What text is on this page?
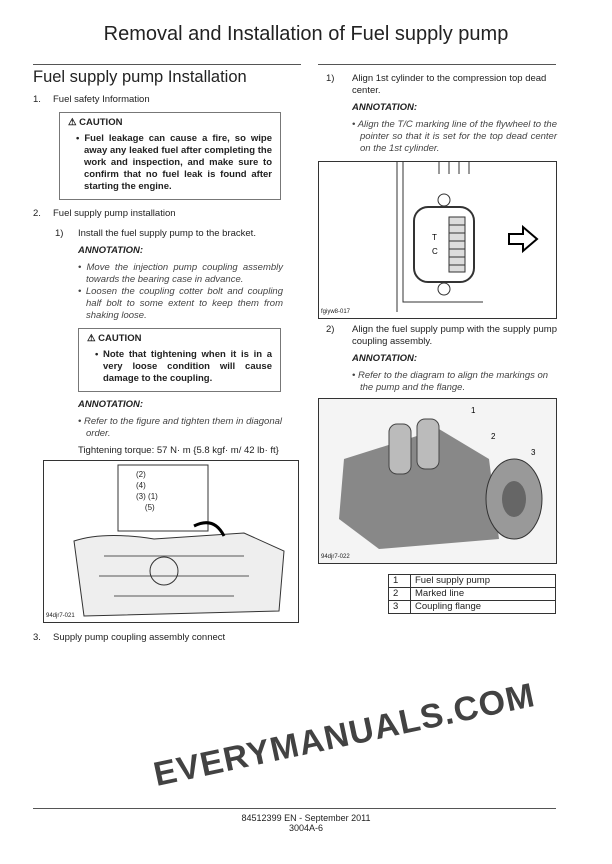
Removal and Installation of Fuel supply pump
Fuel supply pump Installation
1.	Fuel safety Information
⚠ CAUTION
• Fuel leakage can cause a fire, so wipe away any leaked fuel after completing the work and inspection, and make sure to confirm that no fuel leak is found after starting the engine.
2.	Fuel supply pump installation
1)	Install the fuel supply pump to the bracket.
ANNOTATION:
• Move the injection pump coupling assembly towards the bearing case in advance.
• Loosen the coupling cotter bolt and coupling half bolt to some extent to keep them from shaking loose.
⚠ CAUTION
• Note that tightening when it is in a very loose condition will cause damage to the coupling.
ANNOTATION:
• Refer to the figure and tighten them in diagonal order.
Tightening torque: 57 N· m {5.8 kgf· m/ 42 lb· ft}
(2)
(4)
(3) (1)
(5)
94djr7-021
3.	Supply pump coupling assembly connect
1)	Align 1st cylinder to the compression top dead center.
ANNOTATION:
• Align the T/C marking line of the flywheel to the pointer so that it is set for the top dead center on the 1st cylinder.
T
C
fgiyw8-017
2)	Align the fuel supply pump with the supply pump coupling assembly.
ANNOTATION:
• Refer to the diagram to align the markings on the pump and the flange.
1
2
3
94djr7-022
1	Fuel supply pump
2	Marked line
3	Coupling flange
EVERYMANUALS.COM
84512399 EN - September 2011
3004A-6
